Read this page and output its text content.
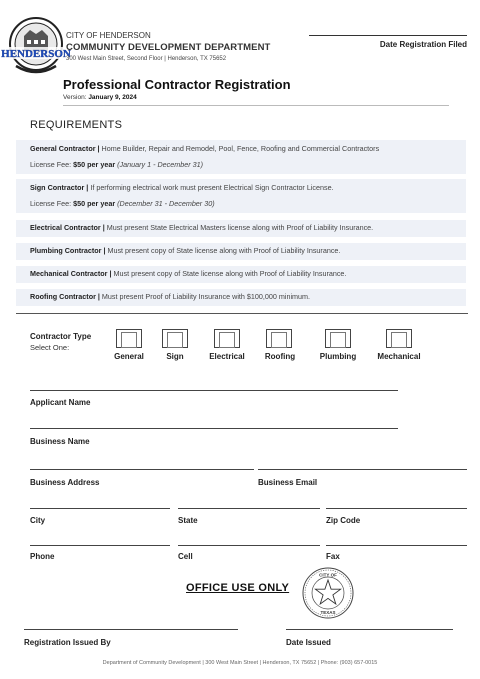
HENDERSON
CITY OF HENDERSON
COMMUNITY DEVELOPMENT DEPARTMENT
300 West Main Street, Second Floor | Henderson, TX 75652
Date Registration Filed
Professional Contractor Registration
Version: January 9, 2024
REQUIREMENTS
General Contractor | Home Builder, Repair and Remodel, Pool, Fence, Roofing and Commercial Contractors
License Fee: $50 per year (January 1 - December 31)
Sign Contractor | If performing electrical work must present Electrical Sign Contractor License.
License Fee: $50 per year (December 31 - December 30)
Electrical Contractor | Must present State Electrical Masters license along with Proof of Liability Insurance.
Plumbing Contractor | Must present copy of State license along with Proof of Liability Insurance.
Mechanical Contractor | Must present copy of State license along with Proof of Liability Insurance.
Roofing Contractor | Must present Proof of Liability Insurance with $100,000 minimum.
Contractor Type
Select One:
General	Sign	Electrical	Roofing	Plumbing	Mechanical
Applicant Name
Business Name
Business Address	Business Email
City	State	Zip Code
Phone	Cell	Fax
OFFICE USE ONLY
CITY OF
TEXAS
Registration Issued By	Date Issued
Department of Community Development | 300 West Main Street | Henderson, TX 75652 | Phone: (903) 657-0015
